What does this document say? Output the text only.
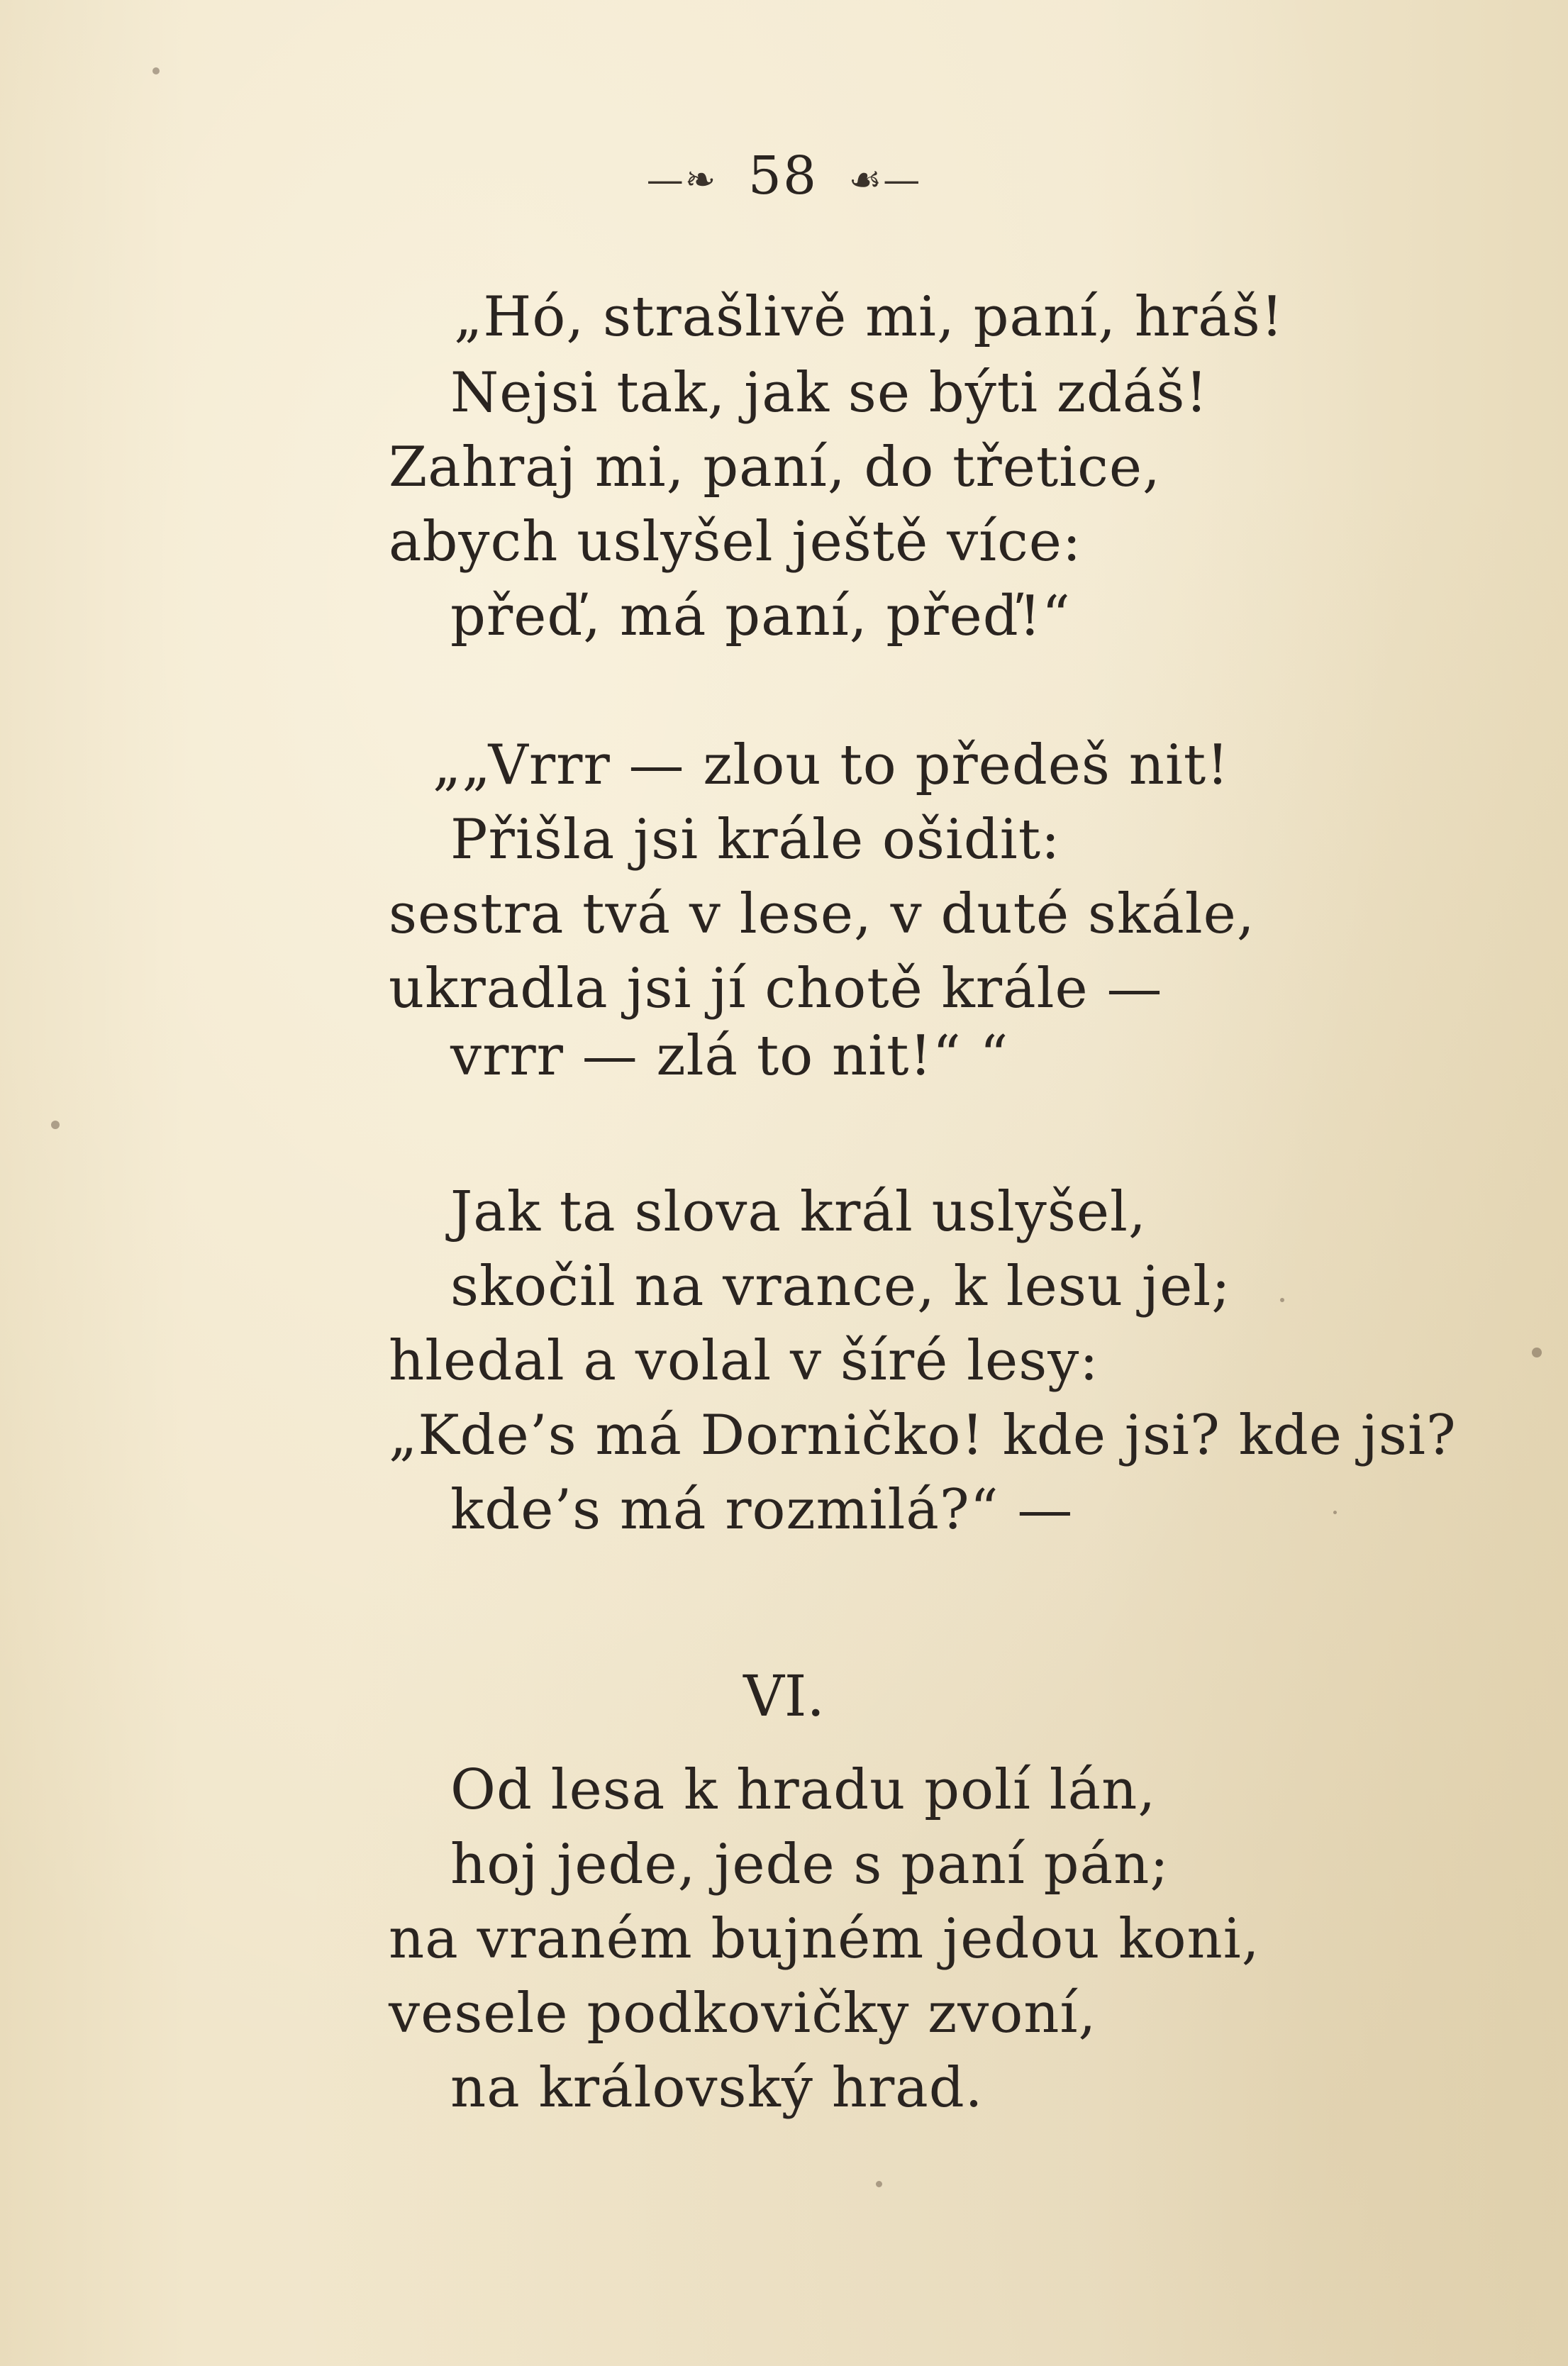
—❧ 58 ☙—
„Hó, strašlivě mi, paní, hráš!
Nejsi tak, jak se býti zdáš!
Zahraj mi, paní, do třetice,
abych uslyšel ještě více:
přeď, má paní, přeď!“
„„Vrrr — zlou to předeš nit!
Přišla jsi krále ošidit:
sestra tvá v lese, v duté skále,
ukradla jsi jí chotě krále —
vrrr — zlá to nit!“ “
Jak ta slova král uslyšel,
skočil na vrance, k lesu jel;
hledal a volal v šíré lesy:
„Kde’s má Dorničko! kde jsi? kde jsi?
kde’s má rozmilá?“ —
VI.
Od lesa k hradu polí lán,
hoj jede, jede s paní pán;
na vraném bujném jedou koni,
vesele podkovičky zvoní,
na královský hrad.
